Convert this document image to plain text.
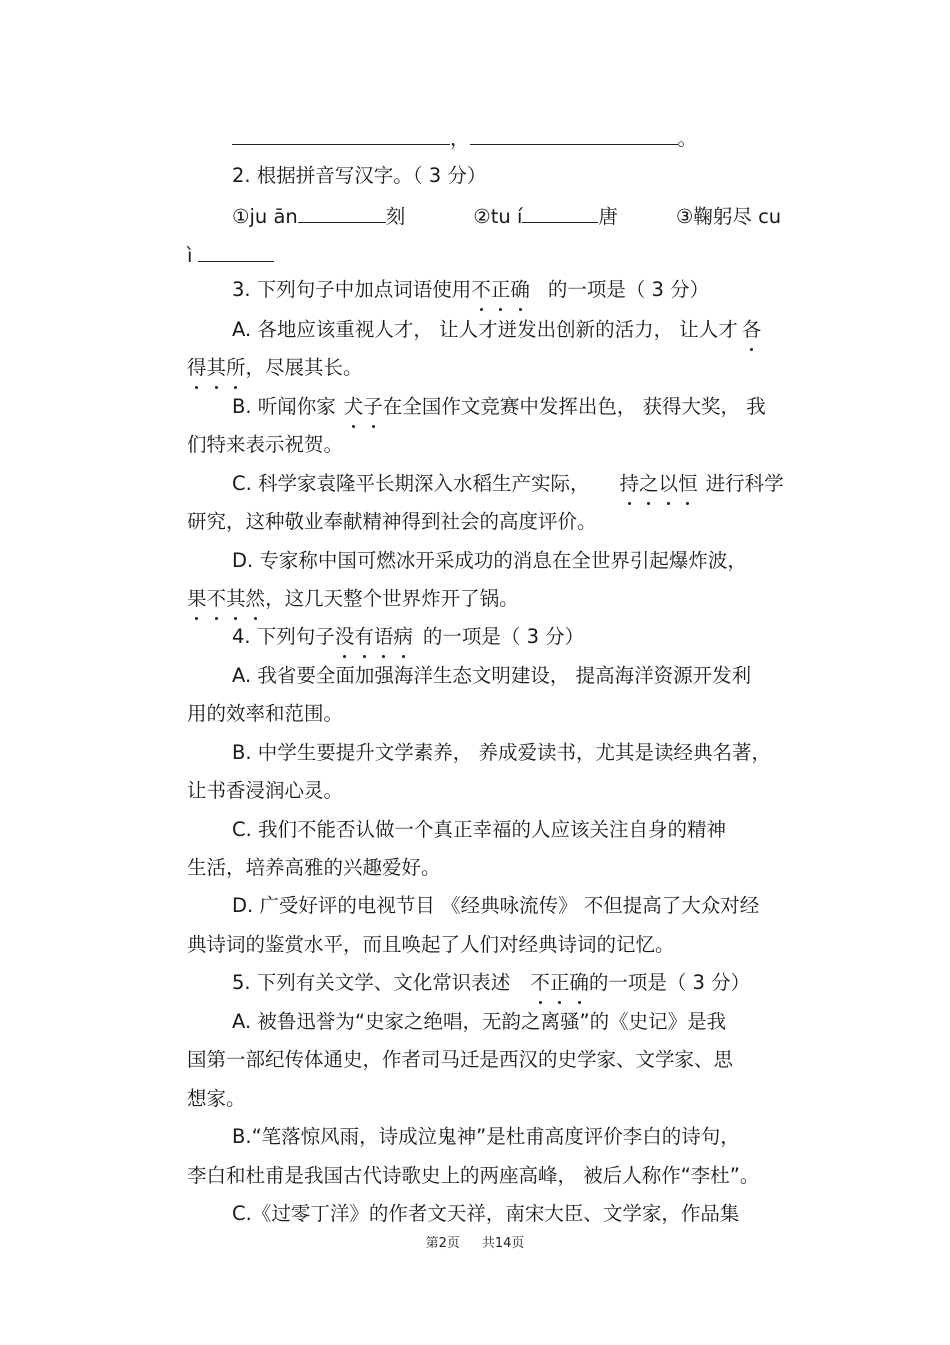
，	。
2. 根据拼音写汉字。（ 3 分）
①ju ān	刻	②tu í	唐	③鞠躬尽 cu
ì
3. 下列句子中加点词语使用不正确 的一项是（ 3 分）
A. 各地应该重视人才， 让人才迸发出创新的活力， 让人才 各
得其所，尽展其长。
B. 听闻你家 犬子在全国作文竞赛中发挥出色， 获得大奖， 我
们特来表示祝贺。
C. 科学家袁隆平长期深入水稻生产实际， 持之以恒 进行科学
研究，这种敬业奉献精神得到社会的高度评价。
D. 专家称中国可燃冰开采成功的消息在全世界引起爆炸波，
果不其然，这几天整个世界炸开了锅。
4. 下列句子没有语病 的一项是（ 3 分）
A. 我省要全面加强海洋生态文明建设， 提高海洋资源开发利
用的效率和范围。
B. 中学生要提升文学素养， 养成爱读书，尤其是读经典名著，
让书香浸润心灵。
C. 我们不能否认做一个真正幸福的人应该关注自身的精神
生活，培养高雅的兴趣爱好。
D. 广受好评的电视节目 《经典咏流传》 不但提高了大众对经
典诗词的鉴赏水平，而且唤起了人们对经典诗词的记忆。
5. 下列有关文学、文化常识表述 不正确的一项是（ 3 分）
A. 被鲁迅誉为“史家之绝唱，无韵之离骚”的《史记》是我
国第一部纪传体通史，作者司马迁是西汉的史学家、文学家、思
想家。
B.“笔落惊风雨，诗成泣鬼神”是杜甫高度评价李白的诗句，
李白和杜甫是我国古代诗歌史上的两座高峰， 被后人称作“李杜”。
C.《过零丁洋》的作者文天祥，南宋大臣、文学家，作品集
第2页 共14页
